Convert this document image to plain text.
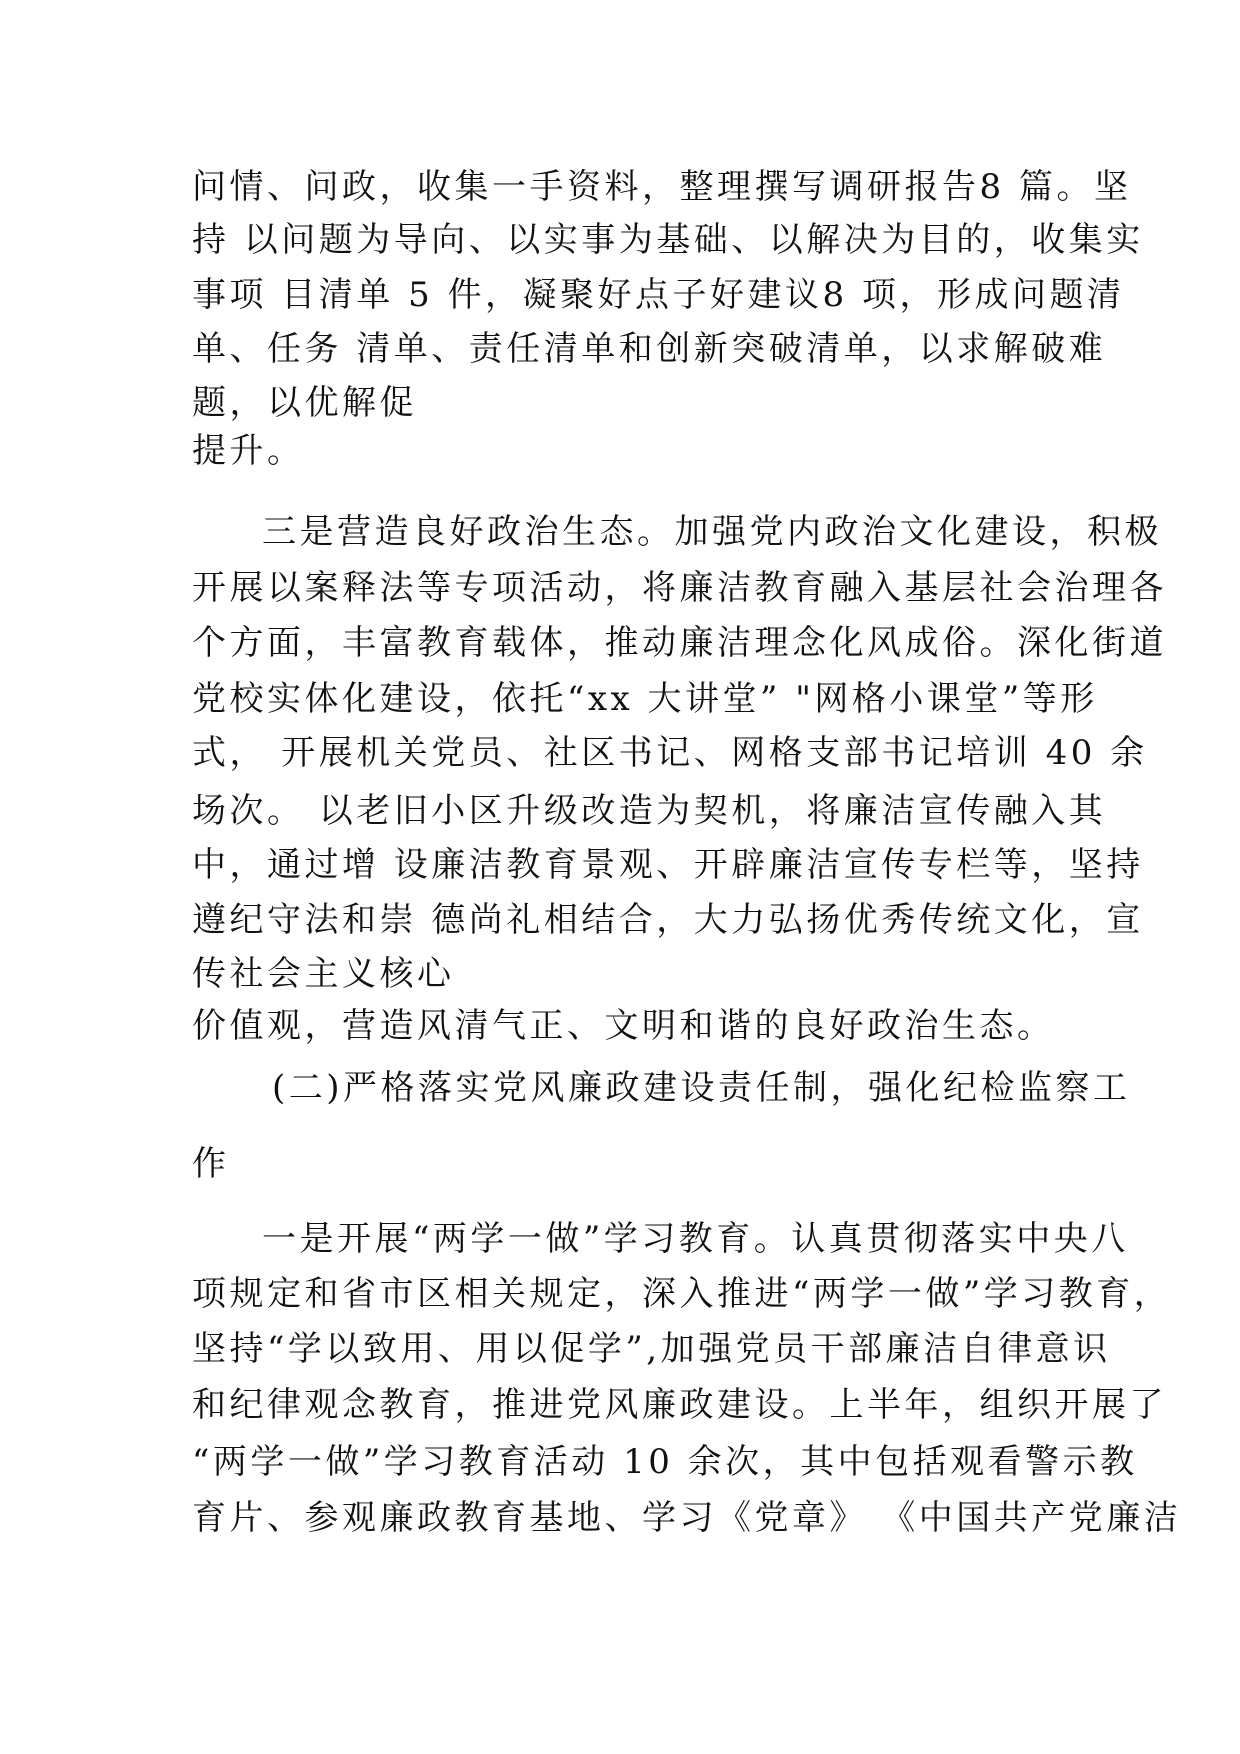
问情、问政，收集一手资料，整理撰写调研报告8 篇。坚
持 以问题为导向、以实事为基础、以解决为目的，收集实
事项 目清单 5 件，凝聚好点子好建议8 项，形成问题清
单、任务 清单、责任清单和创新突破清单，以求解破难
题，以优解促
提升。
三是营造良好政治生态。加强党内政治文化建设，积极
开展以案释法等专项活动，将廉洁教育融入基层社会治理各
个方面，丰富教育载体，推动廉洁理念化风成俗。深化街道
党校实体化建设，依托“xx 大讲堂” "网格小课堂”等形
式， 开展机关党员、社区书记、网格支部书记培训 40 余
场次。 以老旧小区升级改造为契机，将廉洁宣传融入其
中，通过增 设廉洁教育景观、开辟廉洁宣传专栏等，坚持
遵纪守法和崇 德尚礼相结合，大力弘扬优秀传统文化，宣
传社会主义核心
价值观，营造风清气正、文明和谐的良好政治生态。
(二)严格落实党风廉政建设责任制，强化纪检监察工
作
一是开展“两学一做”学习教育。认真贯彻落实中央八
项规定和省市区相关规定，深入推进“两学一做”学习教育，
坚持“学以致用、用以促学”,加强党员干部廉洁自律意识
和纪律观念教育，推进党风廉政建设。上半年，组织开展了
“两学一做”学习教育活动 10 余次，其中包括观看警示教
育片、参观廉政教育基地、学习《党章》 《中国共产党廉洁
